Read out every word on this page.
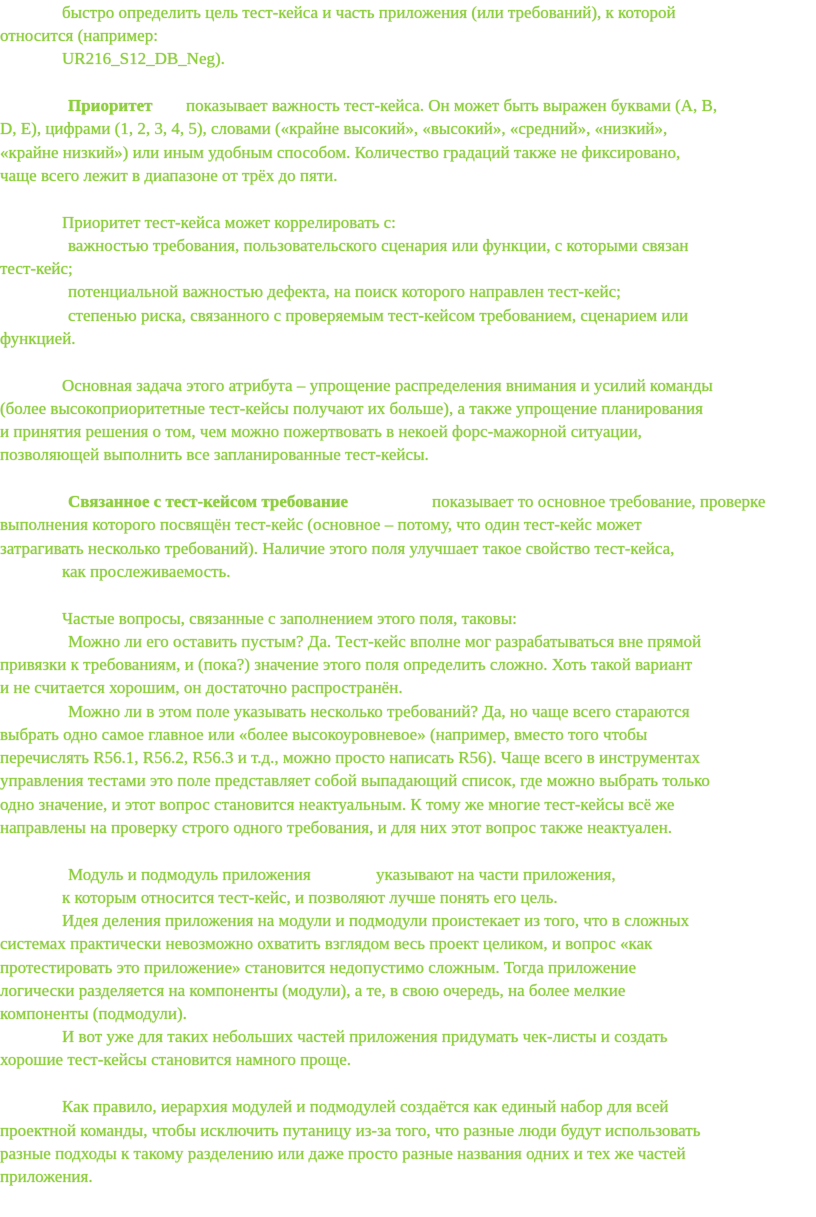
быстро определить цель тест-кейса и часть приложения (или требований), к которой
относится (например:
UR216_S12_DB_Neg).
Приоритет показывает важность тест-кейса. Он может быть выражен буквами (A, B,
D, E), цифрами (1, 2, 3, 4, 5), словами («крайне высокий», «высокий», «средний», «низкий»,
«крайне низкий») или иным удобным способом. Количество градаций также не фиксировано,
чаще всего лежит в диапазоне от трёх до пяти.
Приоритет тест-кейса может коррелировать с:
важностью требования, пользовательского сценария или функции, с которыми связан
тест-кейс;
потенциальной важностью дефекта, на поиск которого направлен тест-кейс;
степенью риска, связанного с проверяемым тест-кейсом требованием, сценарием или
функцией.
Основная задача этого атрибута – упрощение распределения внимания и усилий команды
(более высокоприоритетные тест-кейсы получают их больше), а также упрощение планирования
и принятия решения о том, чем можно пожертвовать в некоей форс-мажорной ситуации,
позволяющей выполнить все запланированные тест-кейсы.
Связанное с тест-кейсом требование	показывает то основное требование, проверке
выполнения которого посвящён тест-кейс (основное – потому, что один тест-кейс может
затрагивать несколько требований). Наличие этого поля улучшает такое свойство тест-кейса,
как прослеживаемость.
Частые вопросы, связанные с заполнением этого поля, таковы:
Можно ли его оставить пустым? Да. Тест-кейс вполне мог разрабатываться вне прямой
привязки к требованиям, и (пока?) значение этого поля определить сложно. Хоть такой вариант
и не считается хорошим, он достаточно распространён.
Можно ли в этом поле указывать несколько требований? Да, но чаще всего стараются
выбрать одно самое главное или «более высокоуровневое» (например, вместо того чтобы
перечислять R56.1, R56.2, R56.3 и т.д., можно просто написать R56). Чаще всего в инструментах
управления тестами это поле представляет собой выпадающий список, где можно выбрать только
одно значение, и этот вопрос становится неактуальным. К тому же многие тест-кейсы всё же
направлены на проверку строго одного требования, и для них этот вопрос также неактуален.
Модуль и подмодуль приложения	указывают на части приложения,
к которым относится тест-кейс, и позволяют лучше понять его цель.
Идея деления приложения на модули и подмодули проистекает из того, что в сложных
системах практически невозможно охватить взглядом весь проект целиком, и вопрос «как
протестировать это приложение» становится недопустимо сложным. Тогда приложение
логически разделяется на компоненты (модули), а те, в свою очередь, на более мелкие
компоненты (подмодули).
И вот уже для таких небольших частей приложения придумать чек-листы и создать
хорошие тест-кейсы становится намного проще.
Как правило, иерархия модулей и подмодулей создаётся как единый набор для всей
проектной команды, чтобы исключить путаницу из-за того, что разные люди будут использовать
разные подходы к такому разделению или даже просто разные названия одних и тех же частей
приложения.
